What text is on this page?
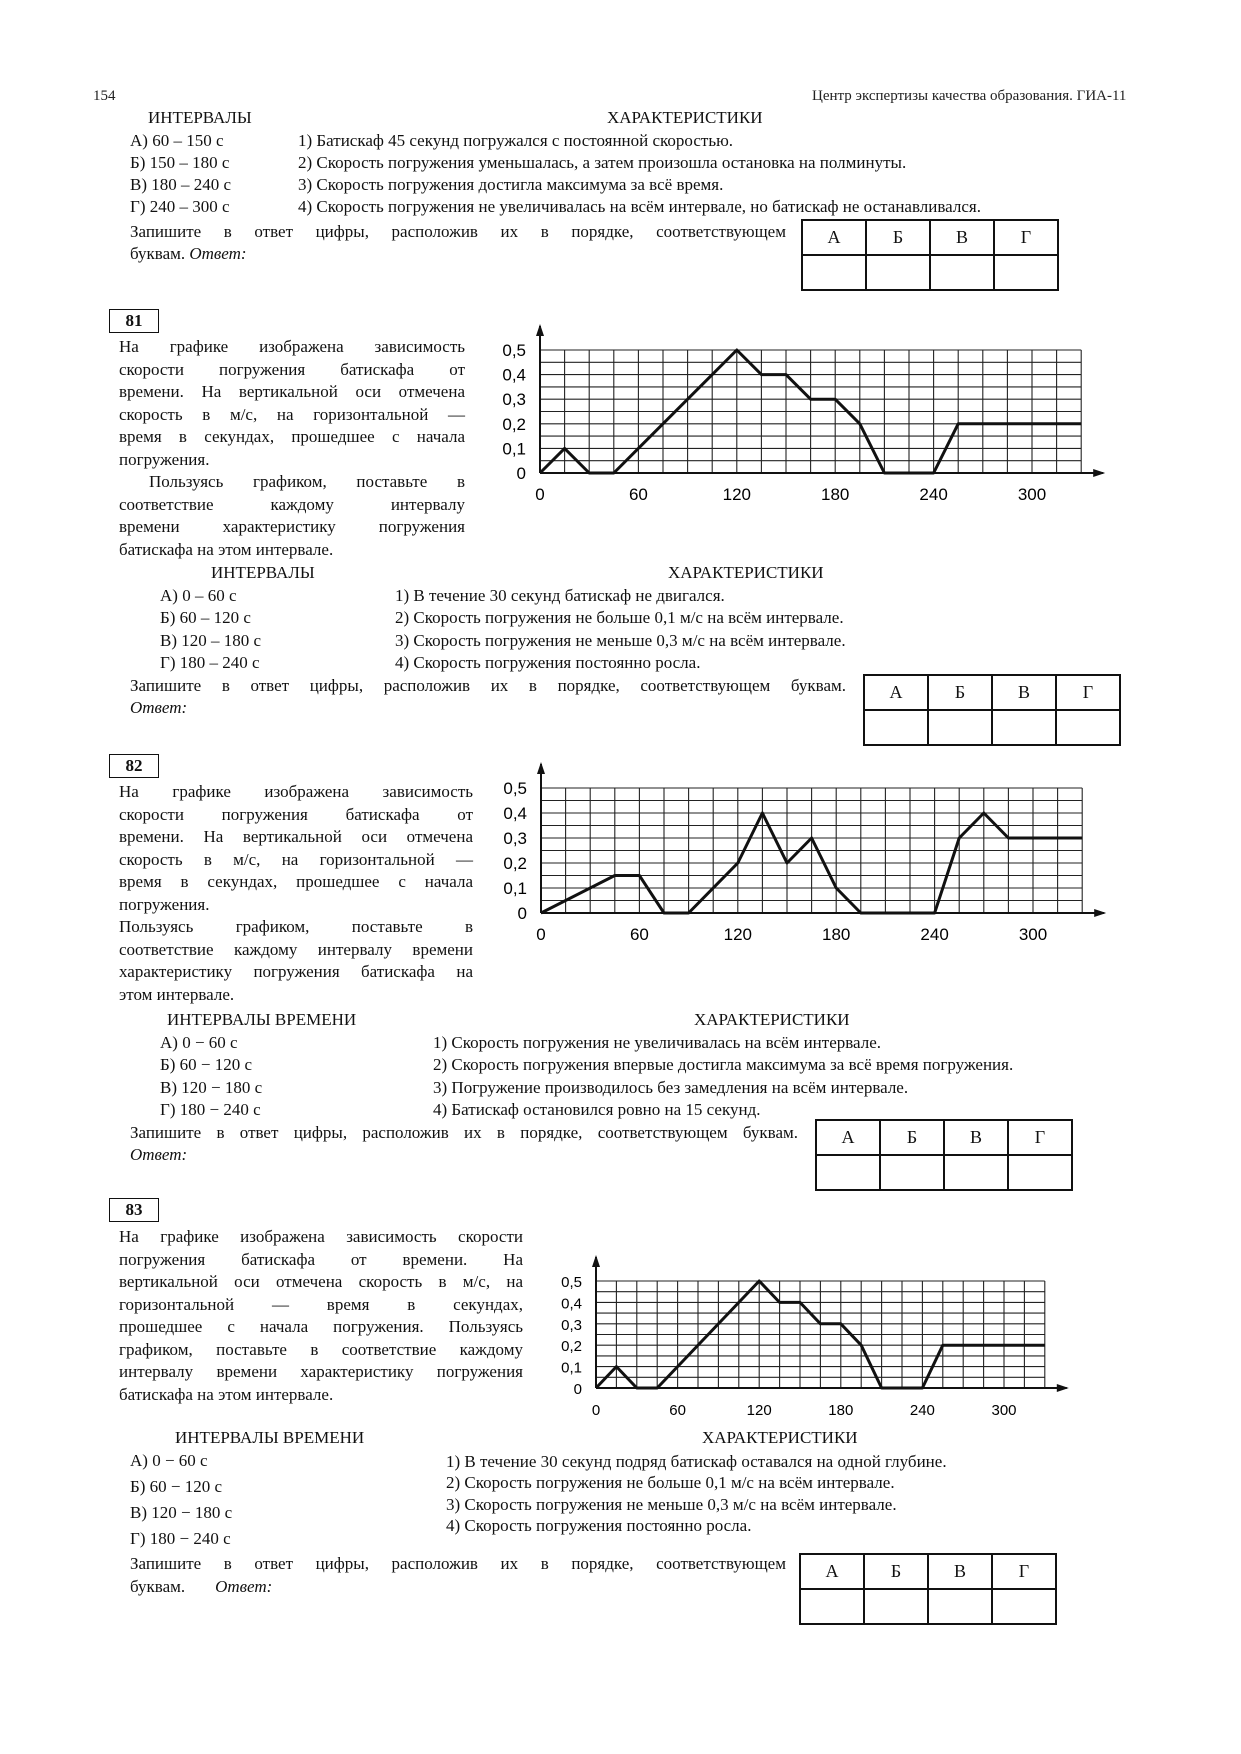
154	Центр экспертизы качества образования. ГИА-11
ИНТЕРВАЛЫ	ХАРАКТЕРИСТИКИ
А) 60 – 150 с
Б) 150 – 180 с
В) 180 – 240 с
Г) 240 – 300 с
1) Батискаф 45 секунд погружался с постоянной скоростью.
2) Скорость погружения уменьшалась, а затем произошла остановка на полминуты.
3) Скорость погружения достигла максимума за всё время.
4) Скорость погружения не увеличивалась на всём интервале, но батискаф не останавливался.
Запишите в ответ цифры, расположив их в порядке, соответствующем
буквам. Ответ:
А	Б	В	Г

81
На графике изображена зависимость
скорости погружения батискафа от
времени. На вертикальной оси отмечена
скорость в м/с, на горизонтальной —
время в секундах, прошедшее с начала
погружения.
Пользуясь графиком, поставьте в
соответствие каждому интервалу
времени характеристику погружения
батискафа на этом интервале.
0
0,1
0,2
0,3
0,4
0,5
0	60	120	180	240	300
ИНТЕРВАЛЫ	ХАРАКТЕРИСТИКИ
А) 0 – 60 с
Б) 60 – 120 с
В) 120 – 180 с
Г) 180 – 240 с
1) В течение 30 секунд батискаф не двигался.
2) Скорость погружения не больше 0,1 м/с на всём интервале.
3) Скорость погружения не меньше 0,3 м/с на всём интервале.
4) Скорость погружения постоянно росла.
Запишите в ответ цифры, расположив их в порядке, соответствующем буквам.
Ответ:
А	Б	В	Г

82
На графике изображена зависимость
скорости погружения батискафа от
времени. На вертикальной оси отмечена
скорость в м/с, на горизонтальной —
время в секундах, прошедшее с начала
погружения.
Пользуясь графиком, поставьте в
соответствие каждому интервалу времени
характеристику погружения батискафа на
этом интервале.
0
0,1
0,2
0,3
0,4
0,5
0	60	120	180	240	300
ИНТЕРВАЛЫ ВРЕМЕНИ	ХАРАКТЕРИСТИКИ
А) 0 − 60 с
Б) 60 − 120 с
В) 120 − 180 с
Г) 180 − 240 с
1) Скорость погружения не увеличивалась на всём интервале.
2) Скорость погружения впервые достигла максимума за всё время погружения.
3) Погружение производилось без замедления на всём интервале.
4) Батискаф остановился ровно на 15 секунд.
Запишите в ответ цифры, расположив их в порядке, соответствующем буквам.
Ответ:
А	Б	В	Г

83
На графике изображена зависимость скорости
погружения батискафа от времени. На
вертикальной оси отмечена скорость в м/с, на
горизонтальной — время в секундах,
прошедшее с начала погружения. Пользуясь
графиком, поставьте в соответствие каждому
интервалу времени характеристику погружения
батискафа на этом интервале.	0
0,1
0,2
0,3
0,4
0,5
0	60	120	180	240	300
ИНТЕРВАЛЫ ВРЕМЕНИ	ХАРАКТЕРИСТИКИ
А) 0 − 60 с
Б) 60 − 120 с
В) 120 − 180 с
Г) 180 − 240 с
1) В течение 30 секунд подряд батискаф оставался на одной глубине.
2) Скорость погружения не больше 0,1 м/с на всём интервале.
3) Скорость погружения не меньше 0,3 м/с на всём интервале.
4) Скорость погружения постоянно росла.
Запишите в ответ цифры, расположив их в порядке, соответствующем
буквам. Ответ:
А	Б	В	Г
